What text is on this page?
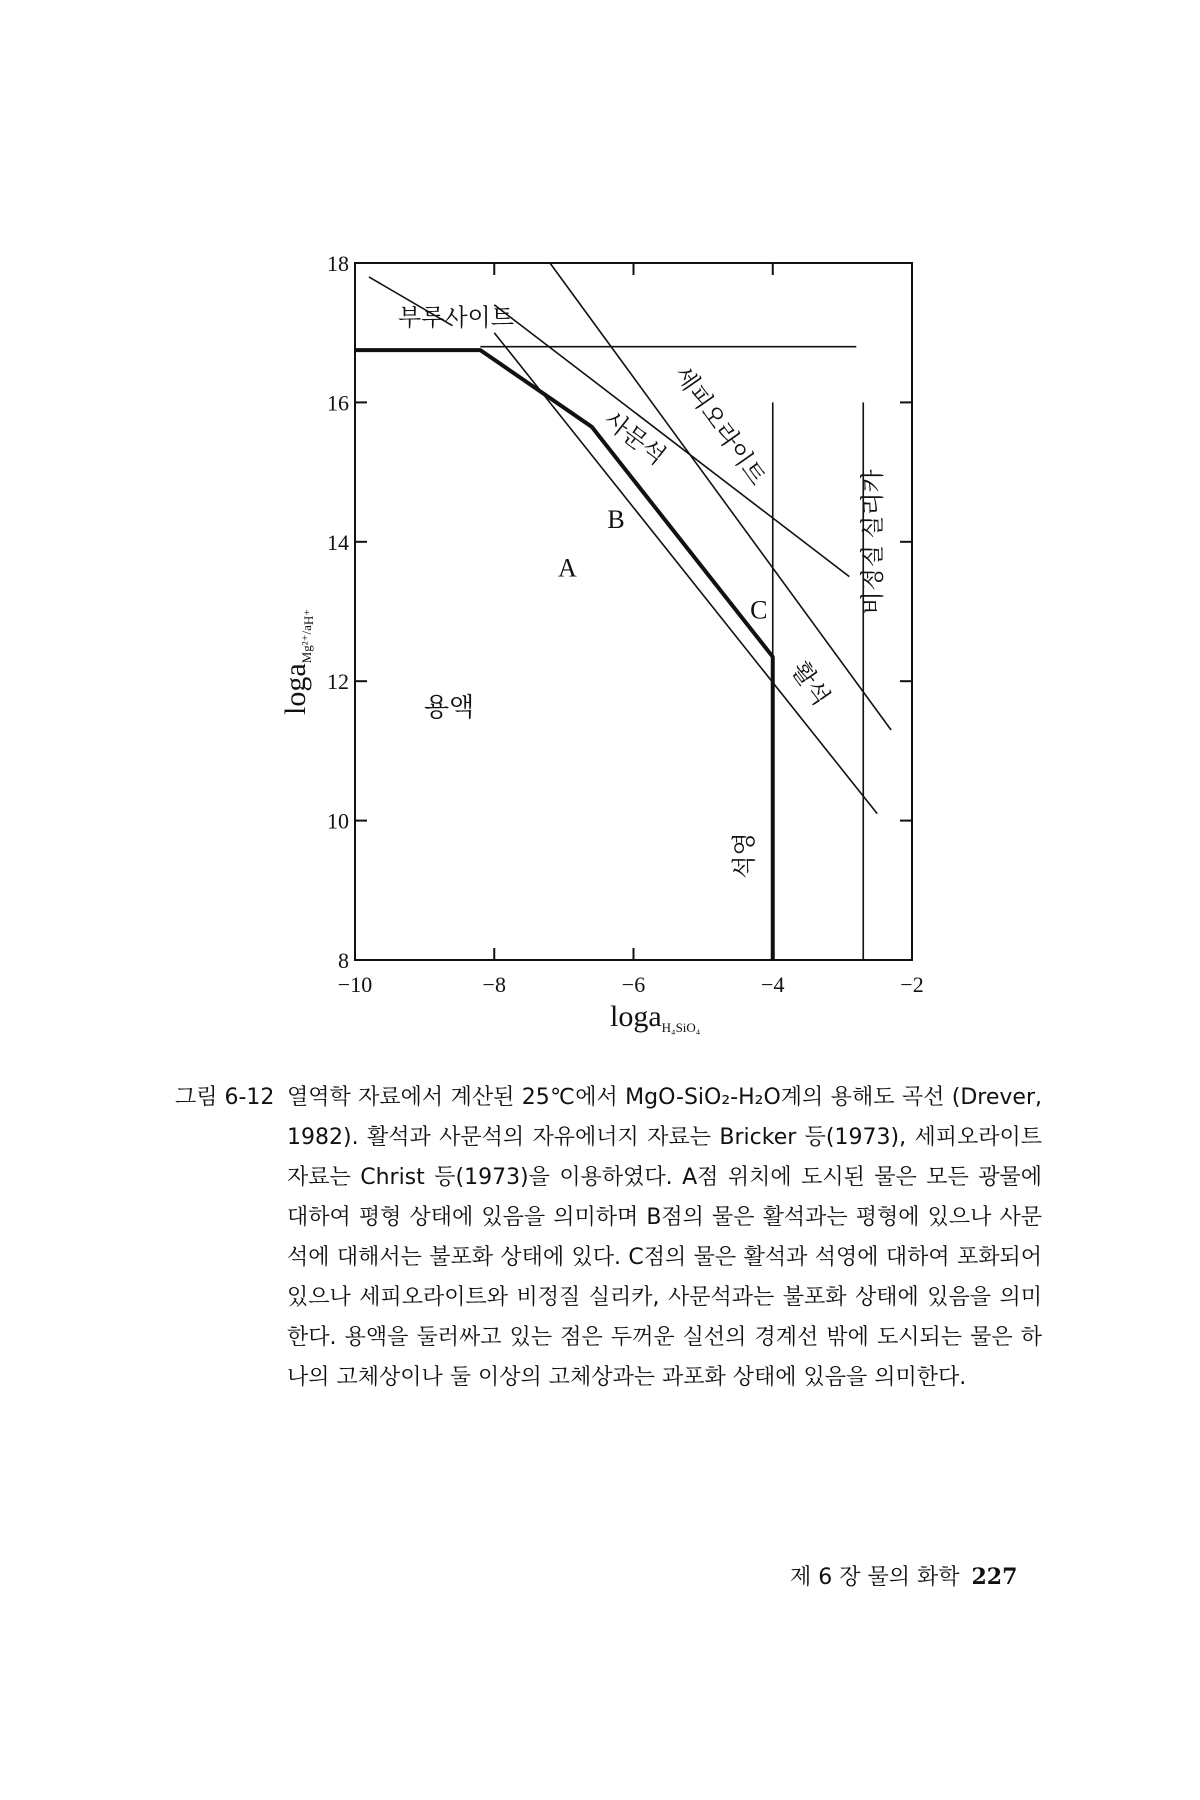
−10	−8	−6	−4	−2
8
10
12
14
16
18
부루사이트
사문석 세피오라이트
활석
석영
비정질 실리카
용액
A
B
C
loga$_{H_4SiO_4}$
loga$_{Mg^{2+}/a}$H⁺
그림 6-12 열역학 자료에서 계산된 25℃에서 MgO-SiO₂-H₂O계의 용해도 곡선 (Drever, 1982). 활석과 사문석의 자유에너지 자료는 Bricker 등(1973), 세피오라이트 자료는 Christ 등(1973)을 이용하였다. A점 위치에 도시된 물은 모든 광물에 대하여 평형 상태에 있음을 의미하며 B점의 물은 활석과는 평형에 있으나 사문석에 대해서는 불포화 상태에 있다. C점의 물은 활석과 석영에 대하여 포화되어 있으나 세피오라이트와 비정질 실리카, 사문석과는 불포화 상태에 있음을 의미한다. 용액을 둘러싸고 있는 점은 두꺼운 실선의 경계선 밖에 도시되는 물은 하나의 고체상이나 둘 이상의 고체상과는 과포화 상태에 있음을 의미한다.
제 6 장 물의 화학 227
